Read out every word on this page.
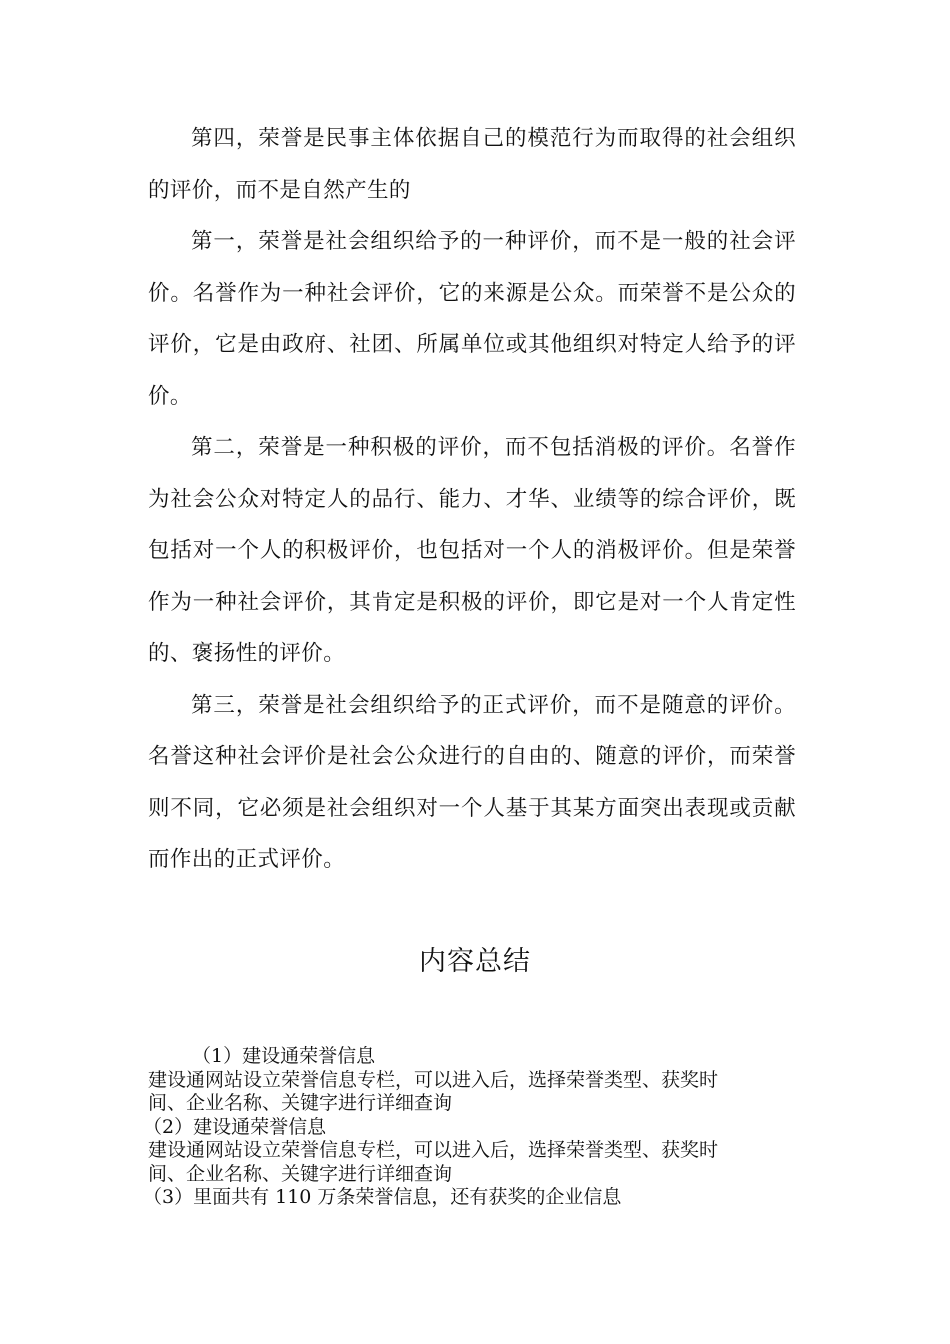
第四，荣誉是民事主体依据自己的模范行为而取得的社会组织的评价，而不是自然产生的

第一，荣誉是社会组织给予的一种评价，而不是一般的社会评价。名誉作为一种社会评价，它的来源是公众。而荣誉不是公众的评价，它是由政府、社团、所属单位或其他组织对特定人给予的评价。

第二，荣誉是一种积极的评价，而不包括消极的评价。名誉作为社会公众对特定人的品行、能力、才华、业绩等的综合评价，既包括对一个人的积极评价，也包括对一个人的消极评价。但是荣誉作为一种社会评价，其肯定是积极的评价，即它是对一个人肯定性的、褒扬性的评价。

第三，荣誉是社会组织给予的正式评价，而不是随意的评价。名誉这种社会评价是社会公众进行的自由的、随意的评价，而荣誉则不同，它必须是社会组织对一个人基于其某方面突出表现或贡献而作出的正式评价。

内容总结
（1）建设通荣誉信息
建设通网站设立荣誉信息专栏，可以进入后，选择荣誉类型、获奖时
间、企业名称、关键字进行详细查询
（2）建设通荣誉信息
建设通网站设立荣誉信息专栏，可以进入后，选择荣誉类型、获奖时
间、企业名称、关键字进行详细查询
（3）里面共有 110 万条荣誉信息，还有获奖的企业信息
